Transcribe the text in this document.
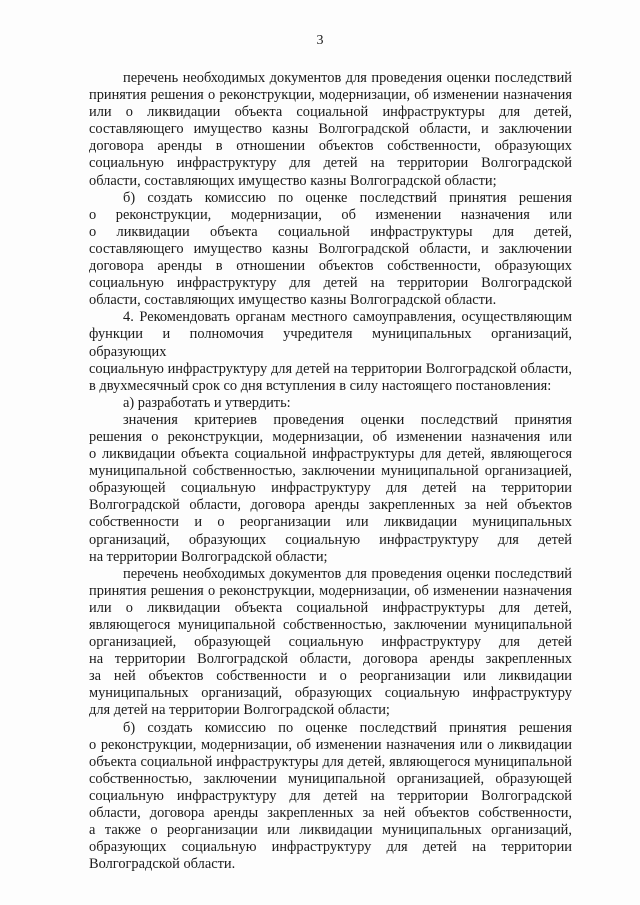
3

перечень необходимых документов для проведения оценки последствий
принятия решения о реконструкции, модернизации, об изменении назначения
или о ликвидации объекта социальной инфраструктуры для детей,
составляющего имущество казны Волгоградской области, и заключении
договора аренды в отношении объектов собственности, образующих
социальную инфраструктуру для детей на территории Волгоградской
области, составляющих имущество казны Волгоградской области;

б) создать комиссию по оценке последствий принятия решения
о реконструкции, модернизации, об изменении назначения или
о ликвидации объекта социальной инфраструктуры для детей,
составляющего имущество казны Волгоградской области, и заключении
договора аренды в отношении объектов собственности, образующих
социальную инфраструктуру для детей на территории Волгоградской
области, составляющих имущество казны Волгоградской области.

4. Рекомендовать органам местного самоуправления, осуществляющим
функции и полномочия учредителя муниципальных организаций, образующих
социальную инфраструктуру для детей на территории Волгоградской области,
в двухмесячный срок со дня вступления в силу настоящего постановления:

а) разработать и утвердить:

значения критериев проведения оценки последствий принятия
решения о реконструкции, модернизации, об изменении назначения или
о ликвидации объекта социальной инфраструктуры для детей, являющегося
муниципальной собственностью, заключении муниципальной организацией,
образующей социальную инфраструктуру для детей на территории
Волгоградской области, договора аренды закрепленных за ней объектов
собственности и о реорганизации или ликвидации муниципальных
организаций, образующих социальную инфраструктуру для детей
на территории Волгоградской области;

перечень необходимых документов для проведения оценки последствий
принятия решения о реконструкции, модернизации, об изменении назначения
или о ликвидации объекта социальной инфраструктуры для детей,
являющегося муниципальной собственностью, заключении муниципальной
организацией, образующей социальную инфраструктуру для детей
на территории Волгоградской области, договора аренды закрепленных
за ней объектов собственности и о реорганизации или ликвидации
муниципальных организаций, образующих социальную инфраструктуру
для детей на территории Волгоградской области;

б) создать комиссию по оценке последствий принятия решения
о реконструкции, модернизации, об изменении назначения или о ликвидации
объекта социальной инфраструктуры для детей, являющегося муниципальной
собственностью, заключении муниципальной организацией, образующей
социальную инфраструктуру для детей на территории Волгоградской
области, договора аренды закрепленных за ней объектов собственности,
а также о реорганизации или ликвидации муниципальных организаций,
образующих социальную инфраструктуру для детей на территории
Волгоградской области.
